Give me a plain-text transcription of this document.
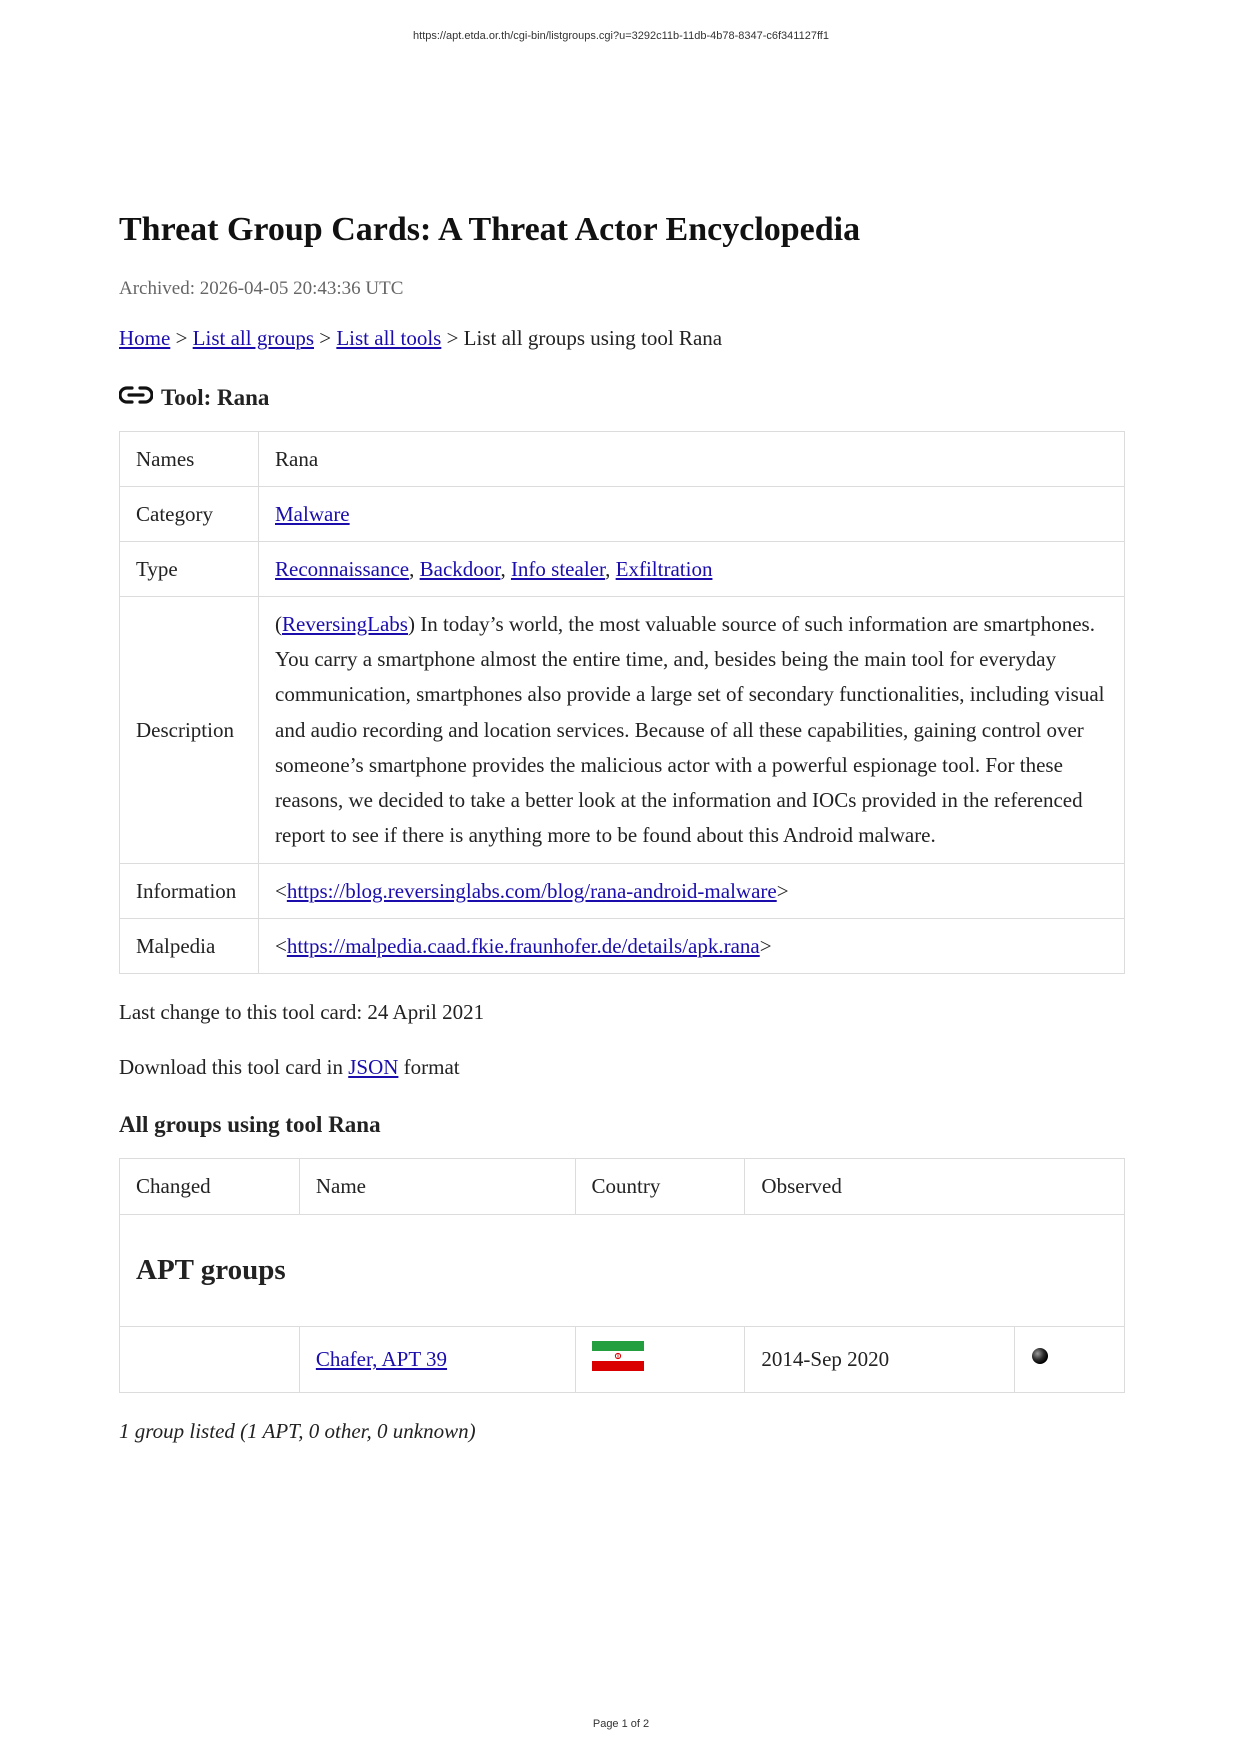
https://apt.etda.or.th/cgi-bin/listgroups.cgi?u=3292c11b-11db-4b78-8347-c6f341127ff1
Threat Group Cards: A Threat Actor Encyclopedia
Archived: 2026-04-05 20:43:36 UTC
Home > List all groups > List all tools > List all groups using tool Rana
Tool: Rana
Names	Rana
Category	Malware
Type	Reconnaissance, Backdoor, Info stealer, Exfiltration
Description	(ReversingLabs) In today’s world, the most valuable source of such information are smartphones. You carry a smartphone almost the entire time, and, besides being the main tool for everyday communication, smartphones also provide a large set of secondary functionalities, including visual and audio recording and location services. Because of all these capabilities, gaining control over someone’s smartphone provides the malicious actor with a powerful espionage tool. For these reasons, we decided to take a better look at the information and IOCs provided in the referenced report to see if there is anything more to be found about this Android malware.
Information	<https://blog.reversinglabs.com/blog/rana-android-malware>
Malpedia	<https://malpedia.caad.fkie.fraunhofer.de/details/apk.rana>
Last change to this tool card: 24 April 2021
Download this tool card in JSON format
All groups using tool Rana
Changed	Name	Country	Observed	
APT groups				
	Chafer, APT 39		2014-Sep 2020	
1 group listed (1 APT, 0 other, 0 unknown)
Page 1 of 2
